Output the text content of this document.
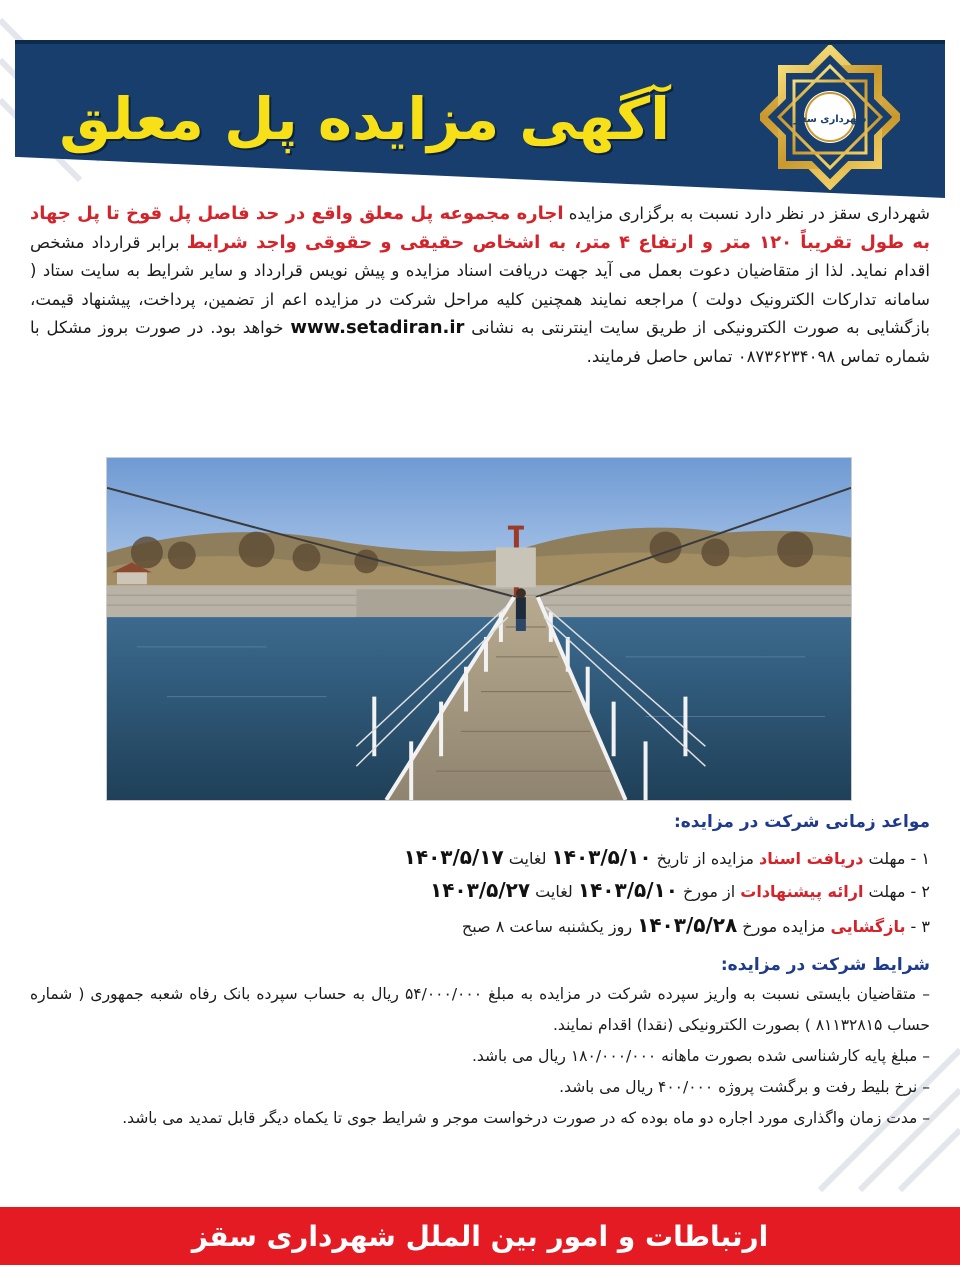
آگهی مزایده پل معلق	شهرداری سقز
شهرداری سقز در نظر دارد نسبت به برگزاری مزایده اجاره مجموعه پل معلق واقع در حد فاصل پل قوخ تا پل جهاد به طول تقریباً ۱۲۰ متر و ارتفاع ۴ متر، به اشخاص حقیقی و حقوقی واجد شرایط برابر قرارداد مشخص اقدام نماید. لذا از متقاضیان دعوت بعمل می آید جهت دریافت اسناد مزایده و پیش نویس قرارداد و سایر شرایط به سایت ستاد ( سامانه تدارکات الکترونیک دولت ) مراجعه نمایند همچنین کلیه مراحل شرکت در مزایده اعم از تضمین، پرداخت، پیشنهاد قیمت، بازگشایی به صورت الکترونیکی از طریق سایت اینترنتی به نشانی www.setadiran.ir خواهد بود. در صورت بروز مشکل با شماره تماس ۰۸۷۳۶۲۳۴۰۹۸ تماس حاصل فرمایند.
مواعد زمانی شرکت در مزایده:
۱ - مهلت دریافت اسناد مزایده از تاریخ ۱۴۰۳/۵/۱۰ لغایت ۱۴۰۳/۵/۱۷
۲ - مهلت ارائه پیشنهادات از مورخ ۱۴۰۳/۵/۱۰ لغایت ۱۴۰۳/۵/۲۷
۳ - بازگشایی مزایده مورخ ۱۴۰۳/۵/۲۸ روز یکشنبه ساعت ۸ صبح
شرایط شرکت در مزایده:
– متقاضیان بایستی نسبت به واریز سپرده شرکت در مزایده به مبلغ ۵۴/۰۰۰/۰۰۰ ریال به حساب سپرده بانک رفاه شعبه جمهوری ( شماره حساب ۸۱۱۳۲۸۱۵ ) بصورت الکترونیکی (نقدا) اقدام نمایند.
– مبلغ پایه کارشناسی شده بصورت ماهانه ۱۸۰/۰۰۰/۰۰۰ ریال می باشد.
– نرخ بلیط رفت و برگشت پروژه ۴۰۰/۰۰۰ ریال می باشد.
– مدت زمان واگذاری مورد اجاره دو ماه بوده که در صورت درخواست موجر و شرایط جوی تا یکماه دیگر قابل تمدید می باشد.
ارتباطات و امور بین الملل شهرداری سقز
